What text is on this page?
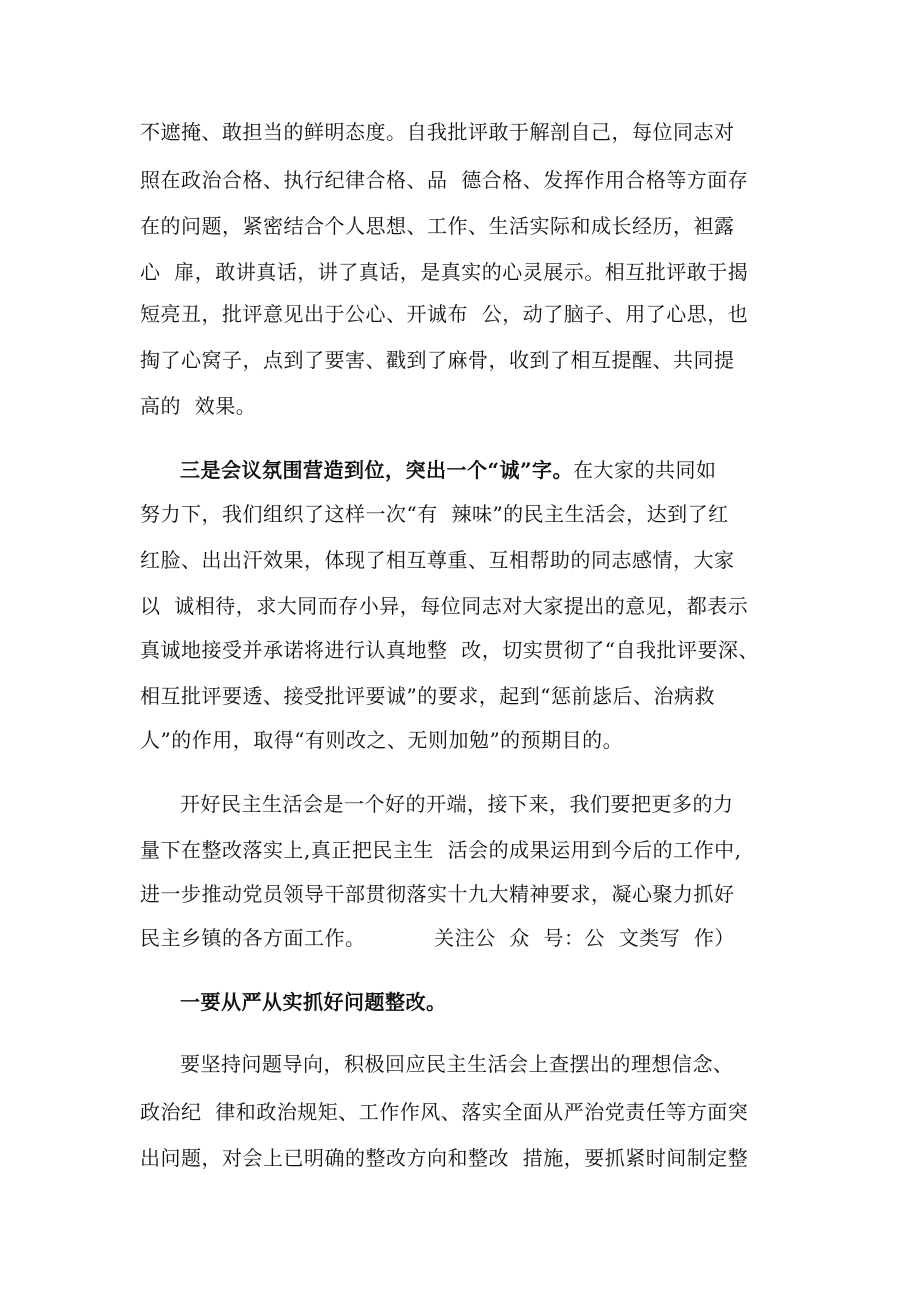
不遮掩、敢担当的鲜明态度。自我批评敢于解剖自己，每位同志对
照在政治合格、执行纪律合格、品  德合格、发挥作用合格等方面存
在的问题，紧密结合个人思想、工作、生活实际和成长经历，袒露
心  扉，敢讲真话，讲了真话，是真实的心灵展示。相互批评敢于揭
短亮丑，批评意见出于公心、开诚布  公，动了脑子、用了心思，也
掏了心窝子，点到了要害、戳到了麻骨，收到了相互提醒、共同提
高的  效果。
三是会议氛围营造到位，突出一个“诚”字。在大家的共同如
努力下，我们组织了这样一次“有  辣味”的民主生活会，达到了红
红脸、出出汗效果，体现了相互尊重、互相帮助的同志感情，大家
以  诚相待，求大同而存小异，每位同志对大家提出的意见，都表示
真诚地接受并承诺将进行认真地整  改，切实贯彻了“自我批评要深、
相互批评要透、接受批评要诚”的要求，起到“惩前毖后、治病救
人”的作用，取得“有则改之、无则加勉”的预期目的。
开好民主生活会是一个好的开端，接下来，我们要把更多的力
量下在整改落实上,真正把民主生  活会的成果运用到今后的工作中,
进一步推动党员领导干部贯彻落实十九大精神要求，凝心聚力抓好
民主乡镇的各方面工作。          关注公  众  号：公  文类写  作）
一要从严从实抓好问题整改。
要坚持问题导向，积极回应民主生活会上查摆出的理想信念、
政治纪  律和政治规矩、工作作风、落实全面从严治党责任等方面突
出问题，对会上已明确的整改方向和整改  措施，要抓紧时间制定整
